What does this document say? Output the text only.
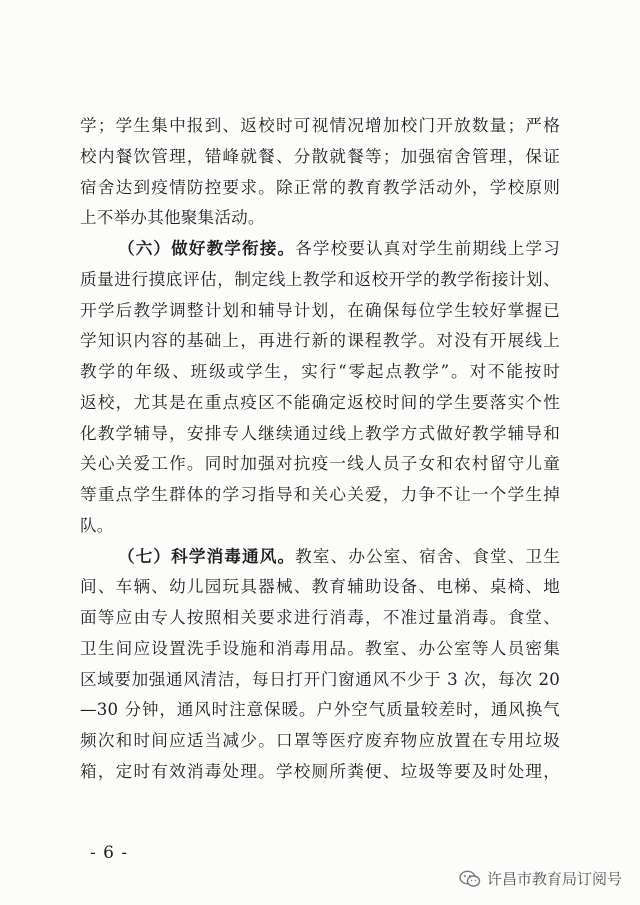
学；学生集中报到、返校时可视情况增加校门开放数量；严格
校内餐饮管理，错峰就餐、分散就餐等；加强宿舍管理，保证
宿舍达到疫情防控要求。除正常的教育教学活动外，学校原则
上不举办其他聚集活动。
（六）做好教学衔接。各学校要认真对学生前期线上学习
质量进行摸底评估，制定线上教学和返校开学的教学衔接计划、
开学后教学调整计划和辅导计划，在确保每位学生较好掌握已
学知识内容的基础上，再进行新的课程教学。对没有开展线上
教学的年级、班级或学生，实行“零起点教学”。对不能按时
返校，尤其是在重点疫区不能确定返校时间的学生要落实个性
化教学辅导，安排专人继续通过线上教学方式做好教学辅导和
关心关爱工作。同时加强对抗疫一线人员子女和农村留守儿童
等重点学生群体的学习指导和关心关爱，力争不让一个学生掉
队。
（七）科学消毒通风。教室、办公室、宿舍、食堂、卫生
间、车辆、幼儿园玩具器械、教育辅助设备、电梯、桌椅、地
面等应由专人按照相关要求进行消毒，不准过量消毒。食堂、
卫生间应设置洗手设施和消毒用品。教室、办公室等人员密集
区域要加强通风清洁，每日打开门窗通风不少于 3 次，每次 20
—30 分钟，通风时注意保暖。户外空气质量较差时，通风换气
频次和时间应适当减少。口罩等医疗废弃物应放置在专用垃圾
箱，定时有效消毒处理。学校厕所粪便、垃圾等要及时处理，
- 6 -
许昌市教育局订阅号
